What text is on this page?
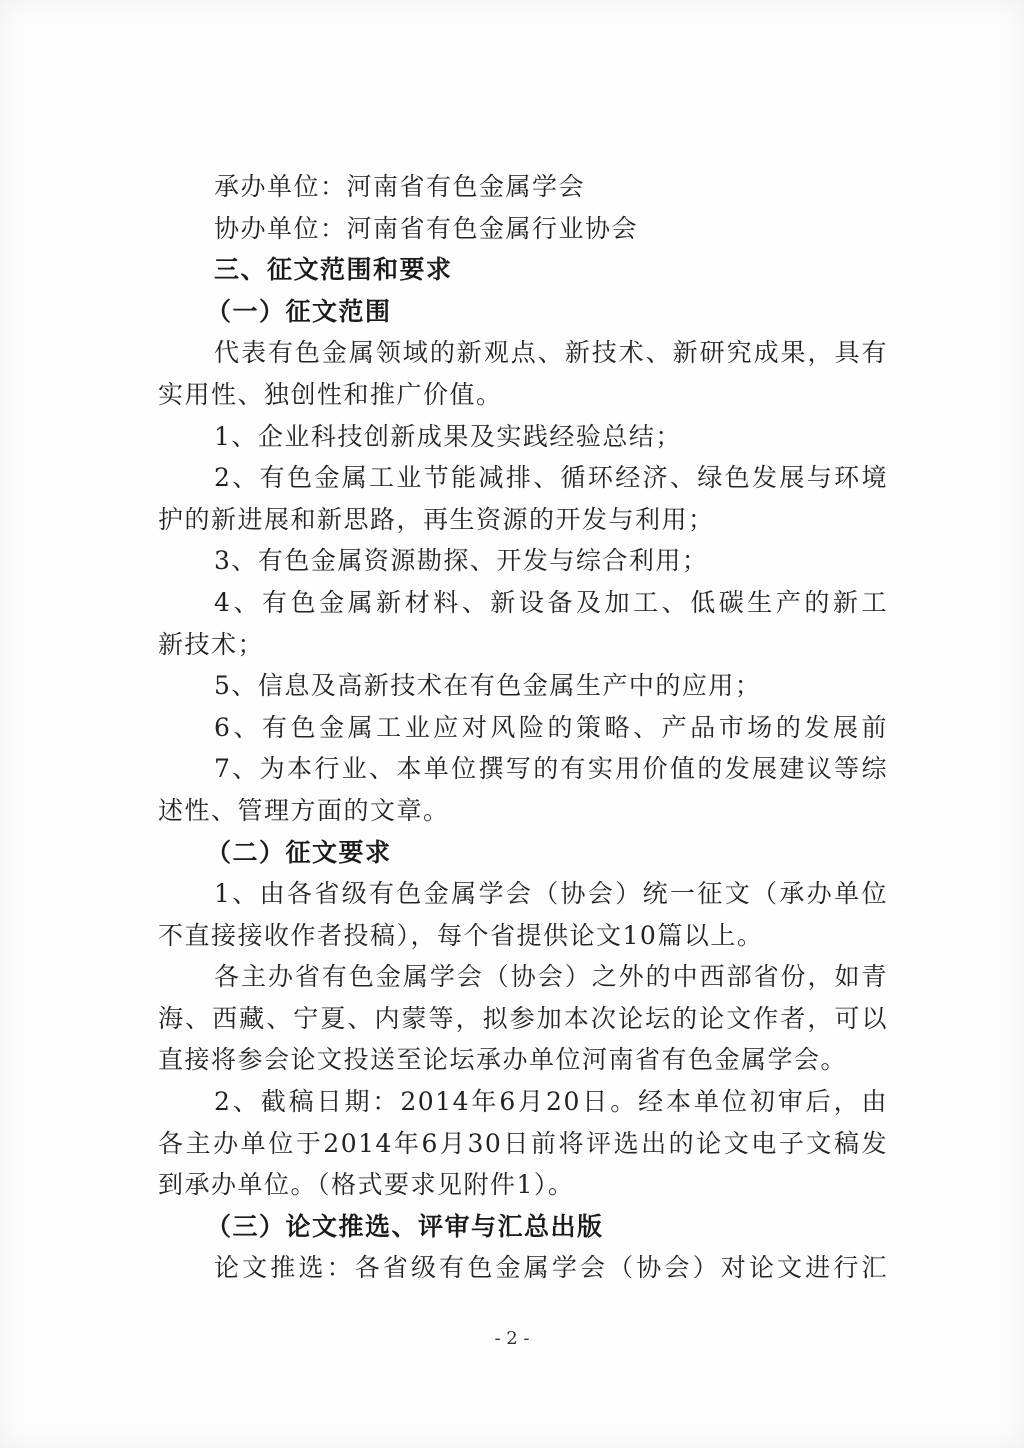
承办单位：河南省有色金属学会
协办单位：河南省有色金属行业协会
三、征文范围和要求
（一）征文范围
代表有色金属领域的新观点、新技术、新研究成果，具有
实用性、独创性和推广价值。
1、企业科技创新成果及实践经验总结；
2、有色金属工业节能减排、循环经济、绿色发展与环境
护的新进展和新思路，再生资源的开发与利用；
3、有色金属资源勘探、开发与综合利用；
4、有色金属新材料、新设备及加工、低碳生产的新工
新技术；
5、信息及高新技术在有色金属生产中的应用；
6、有色金属工业应对风险的策略、产品市场的发展前
7、为本行业、本单位撰写的有实用价值的发展建议等综
述性、管理方面的文章。
（二）征文要求
1、由各省级有色金属学会（协会）统一征文（承办单位
不直接接收作者投稿），每个省提供论文10篇以上。
各主办省有色金属学会（协会）之外的中西部省份，如青
海、西藏、宁夏、内蒙等，拟参加本次论坛的论文作者，可以
直接将参会论文投送至论坛承办单位河南省有色金属学会。
2、截稿日期：2014年6月20日。经本单位初审后，由
各主办单位于2014年6月30日前将评选出的论文电子文稿发
到承办单位。（格式要求见附件1）。
（三）论文推选、评审与汇总出版
论文推选：各省级有色金属学会（协会）对论文进行汇
- 2 -
